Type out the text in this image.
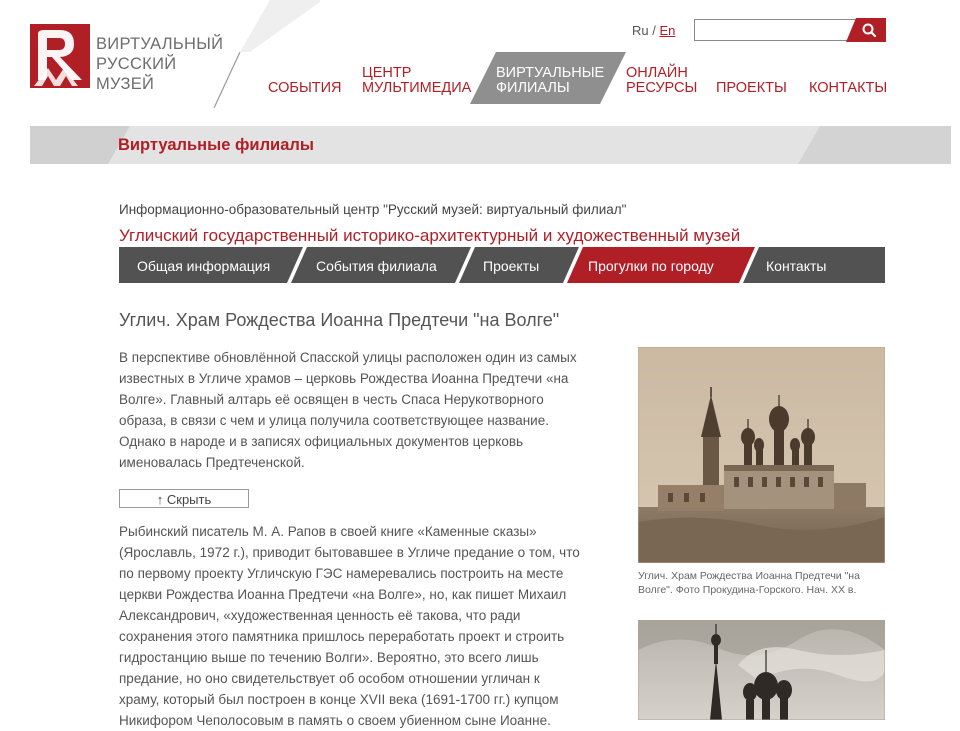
ВИРТУАЛЬНЫЙ
РУССКИЙ
МУЗЕЙ
Ru / En
СОБЫТИЯ
ЦЕНТР
МУЛЬТИМЕДИА
ВИРТУАЛЬНЫЕ
ФИЛИАЛЫ
ОНЛАЙН
РЕСУРСЫ ПРОЕКТЫ КОНТАКТЫ
Виртуальные филиалы
Информационно-образовательный центр "Русский музей: виртуальный филиал"
Угличский государственный историко-архитектурный и художественный музей
Общая информация	События филиала	Проекты	Прогулки по городу	Контакты
Углич. Храм Рождества Иоанна Предтечи "на Волге"
В перспективе обновлённой Спасской улицы расположен один из самых
известных в Угличе храмов – церковь Рождества Иоанна Предтечи «на
Волге». Главный алтарь её освящен в честь Спаса Нерукотворного
образа, в связи с чем и улица получила соответствующее название.
Однако в народе и в записях официальных документов церковь
именовалась Предтеченской.
↑ Скрыть
Рыбинский писатель М. А. Рапов в своей книге «Каменные сказы»
(Ярославль, 1972 г.), приводит бытовавшее в Угличе предание о том, что
по первому проекту Угличскую ГЭС намеревались построить на месте
церкви Рождества Иоанна Предтечи «на Волге», но, как пишет Михаил
Александрович, «художественная ценность её такова, что ради
сохранения этого памятника пришлось переработать проект и строить
гидростанцию выше по течению Волги». Вероятно, это всего лишь
предание, но оно свидетельствует об особом отношении угличан к
храму, который был построен в конце XVII века (1691-1700 гг.) купцом
Никифором Чеполосовым в память о своем убиенном сыне Иоанне.
Углич. Храм Рождества Иоанна Предтечи "на
Волге". Фото Прокудина-Горского. Нач. XX в.
